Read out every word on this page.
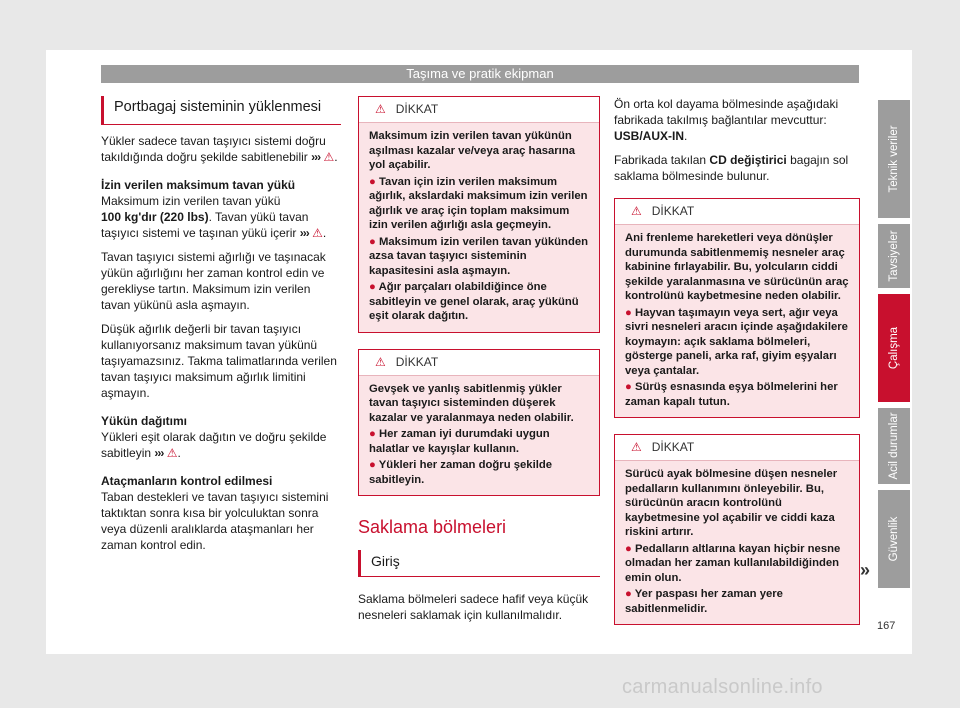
Taşıma ve pratik ekipman
Portbagaj sisteminin yüklenmesi

Yükler sadece tavan taşıyıcı sistemi doğru takıldığında doğru şekilde sabitlenebilir ››› ⚠.

İzin verilen maksimum tavan yükü

Maksimum izin verilen tavan yükü
100 kg'dır (220 lbs). Tavan yükü tavan taşıyıcı sistemi ve taşınan yükü içerir ››› ⚠.

Tavan taşıyıcı sistemi ağırlığı ve taşınacak yükün ağırlığını her zaman kontrol edin ve gerekliyse tartın. Maksimum izin verilen tavan yükünü asla aşmayın.

Düşük ağırlık değerli bir tavan taşıyıcı kullanıyorsanız maksimum tavan yükünü taşıyamazsınız. Takma talimatlarında verilen tavan taşıyıcı maksimum ağırlık limitini aşmayın.

Yükün dağıtımı

Yükleri eşit olarak dağıtın ve doğru şekilde sabitleyin ››› ⚠.

Ataçmanların kontrol edilmesi

Taban destekleri ve tavan taşıyıcı sistemini taktıktan sonra kısa bir yolculuktan sonra veya düzenli aralıklarda ataşmanları her zaman kontrol edin.

⚠ DİKKAT
Maksimum izin verilen tavan yükünün aşılması kazalar ve/veya araç hasarına yol açabilir.
● Tavan için izin verilen maksimum ağırlık, akslardaki maksimum izin verilen ağırlık ve araç için toplam maksimum izin verilen ağırlığı asla geçmeyin.
● Maksimum izin verilen tavan yükünden azsa tavan taşıyıcı sisteminin kapasitesini asla aşmayın.
● Ağır parçaları olabildiğince öne sabitleyin ve genel olarak, araç yükünü eşit olarak dağıtın.
⚠ DİKKAT
Gevşek ve yanlış sabitlenmiş yükler tavan taşıyıcı sisteminden düşerek kazalar ve yaralanmaya neden olabilir.
● Her zaman iyi durumdaki uygun halatlar ve kayışlar kullanın.
● Yükleri her zaman doğru şekilde sabitleyin.
Saklama bölmeleri
Giriş

Saklama bölmeleri sadece hafif veya küçük nesneleri saklamak için kullanılmalıdır.

Ön orta kol dayama bölmesinde aşağıdaki fabrikada takılmış bağlantılar mevcuttur:
USB/AUX-IN.

Fabrikada takılan CD değiştirici bagajın sol saklama bölmesinde bulunur.

⚠ DİKKAT
Ani frenleme hareketleri veya dönüşler durumunda sabitlenmemiş nesneler araç kabinine fırlayabilir. Bu, yolcuların ciddi şekilde yaralanmasına ve sürücünün araç kontrolünü kaybetmesine neden olabilir.
● Hayvan taşımayın veya sert, ağır veya sivri nesneleri aracın içinde aşağıdakilere koymayın: açık saklama bölmeleri, gösterge paneli, arka raf, giyim eşyaları veya çantalar.
● Sürüş esnasında eşya bölmelerini her zaman kapalı tutun.
⚠ DİKKAT
Sürücü ayak bölmesine düşen nesneler pedalların kullanımını önleyebilir. Bu, sürücünün aracın kontrolünü kaybetmesine yol açabilir ve ciddi kaza riskini artırır.
● Pedalların altlarına kayan hiçbir nesne olmadan her zaman kullanılabildiğinden emin olun.
● Yer paspası her zaman yere sabitlenmelidir.
»
Teknik veriler
Tavsiyeler
Çalışma
Acil durumlar
Güvenlik
167
carmanualsonline.info
